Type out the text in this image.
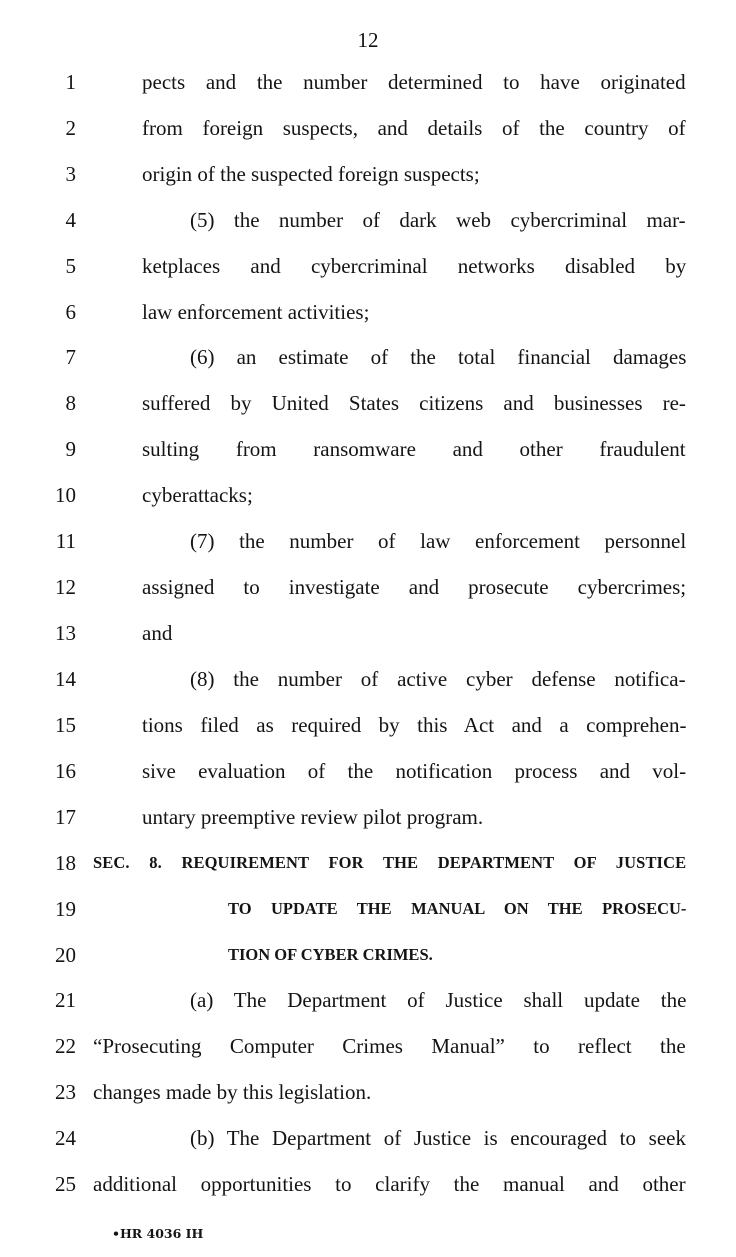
12
1	pects and the number determined to have originated
2	from foreign suspects, and details of the country of
3	origin of the suspected foreign suspects;
4	(5) the number of dark web cybercriminal mar-
5	ketplaces and cybercriminal networks disabled by
6	law enforcement activities;
7	(6) an estimate of the total financial damages
8	suffered by United States citizens and businesses re-
9	sulting from ransomware and other fraudulent
10	cyberattacks;
11	(7) the number of law enforcement personnel
12	assigned to investigate and prosecute cybercrimes;
13	and
14	(8) the number of active cyber defense notifica-
15	tions filed as required by this Act and a comprehen-
16	sive evaluation of the notification process and vol-
17	untary preemptive review pilot program.
18 SEC. 8. REQUIREMENT FOR THE DEPARTMENT OF JUSTICE
19	TO UPDATE THE MANUAL ON THE PROSECU-
20	TION OF CYBER CRIMES.
21	(a) The Department of Justice shall update the
22 “Prosecuting Computer Crimes Manual” to reflect the
23 changes made by this legislation.
24	(b) The Department of Justice is encouraged to seek
25 additional opportunities to clarify the manual and other
•HR 4036 IH
